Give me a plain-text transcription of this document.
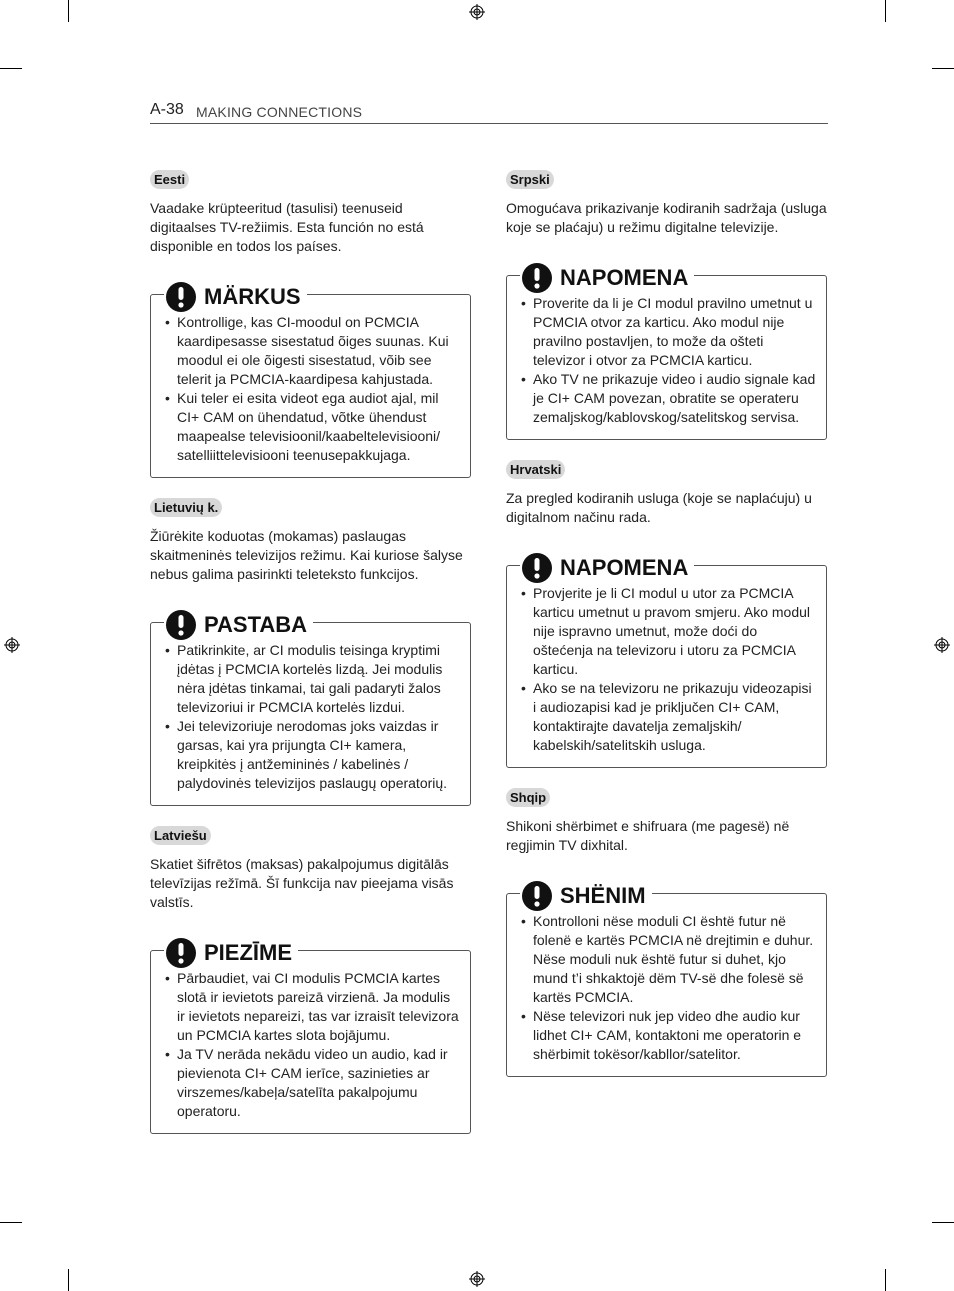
A-38 MAKING CONNECTIONS
Eesti

Vaadake krüpteeritud (tasulisi) teenuseid digitaalses TV-režiimis. Esta función no está disponible en todos los países.

MÄRKUS
• Kontrollige, kas CI-moodul on PCMCIA kaardipesasse sisestatud õiges suunas. Kui moodul ei ole õigesti sisestatud, võib see telerit ja PCMCIA-kaardipesa kahjustada.
• Kui teler ei esita videot ega audiot ajal, mil CI+ CAM on ühendatud, võtke ühendust maapealse televisioonil/kaabeltelevisiooni/ satelliittelevisiooni teenusepakkujaga.
Lietuvių k.

Žiūrėkite koduotas (mokamas) paslaugas skaitmeninės televizijos režimu. Kai kuriose šalyse nebus galima pasirinkti teleteksto funkcijos.

PASTABA
• Patikrinkite, ar CI modulis teisinga kryptimi įdėtas į PCMCIA kortelės lizdą. Jei modulis nėra įdėtas tinkamai, tai gali padaryti žalos televizoriui ir PCMCIA kortelės lizdui.
• Jei televizoriuje nerodomas joks vaizdas ir garsas, kai yra prijungta CI+ kamera, kreipkitės į antžemininės / kabelinės / palydovinės televizijos paslaugų operatorių.
Latviešu

Skatiet šifrētos (maksas) pakalpojumus digitālās televīzijas režīmā. Šī funkcija nav pieejama visās valstīs.

PIEZĪME
• Pārbaudiet, vai CI modulis PCMCIA kartes slotā ir ievietots pareizā virzienā. Ja modulis ir ievietots nepareizi, tas var izraisīt televizora un PCMCIA kartes slota bojājumu.
• Ja TV nerāda nekādu video un audio, kad ir pievienota CI+ CAM ierīce, sazinieties ar virszemes/kabeļa/satelīta pakalpojumu operatoru.
Srpski

Omogućava prikazivanje kodiranih sadržaja (usluga koje se plaćaju) u režimu digitalne televizije.

NAPOMENA
• Proverite da li je CI modul pravilno umetnut u PCMCIA otvor za karticu. Ako modul nije pravilno postavljen, to može da ošteti televizor i otvor za PCMCIA karticu.
• Ako TV ne prikazuje video i audio signale kad je CI+ CAM povezan, obratite se operateru zemaljskog/kablovskog/satelitskog servisa.
Hrvatski

Za pregled kodiranih usluga (koje se naplaćuju) u digitalnom načinu rada.

NAPOMENA
• Provjerite je li CI modul u utor za PCMCIA karticu umetnut u pravom smjeru. Ako modul nije ispravno umetnut, može doći do oštećenja na televizoru i utoru za PCMCIA karticu.
• Ako se na televizoru ne prikazuju videozapisi i audiozapisi kad je priključen CI+ CAM, kontaktirajte davatelja zemaljskih/ kabelskih/satelitskih usluga.
Shqip

Shikoni shërbimet e shifruara (me pagesë) në regjimin TV dixhital.

SHËNIM
• Kontrolloni nëse moduli CI është futur në folenë e kartës PCMCIA në drejtimin e duhur. Nëse moduli nuk është futur si duhet, kjo mund t’i shkaktojë dëm TV-së dhe folesë së kartës PCMCIA.
• Nëse televizori nuk jep video dhe audio kur lidhet CI+ CAM, kontaktoni me operatorin e shërbimit tokësor/kabllor/satelitor.
